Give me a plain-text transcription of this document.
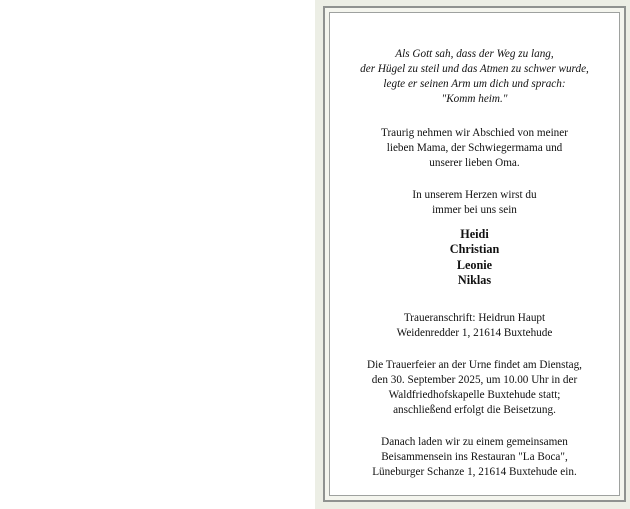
Als Gott sah, dass der Weg zu lang,
der Hügel zu steil und das Atmen zu schwer wurde,
legte er seinen Arm um dich und sprach:
"Komm heim."
Traurig nehmen wir Abschied von meiner
lieben Mama, der Schwiegermama und
unserer lieben Oma.
In unserem Herzen wirst du
immer bei uns sein
Heidi
Christian
Leonie
Niklas
Traueranschrift: Heidrun Haupt
Weidenredder 1, 21614 Buxtehude
Die Trauerfeier an der Urne findet am Dienstag,
den 30. September 2025, um 10.00 Uhr in der
Waldfriedhofskapelle Buxtehude statt;
anschließend erfolgt die Beisetzung.
Danach laden wir zu einem gemeinsamen
Beisammensein ins Restauran "La Boca",
Lüneburger Schanze 1, 21614 Buxtehude ein.
